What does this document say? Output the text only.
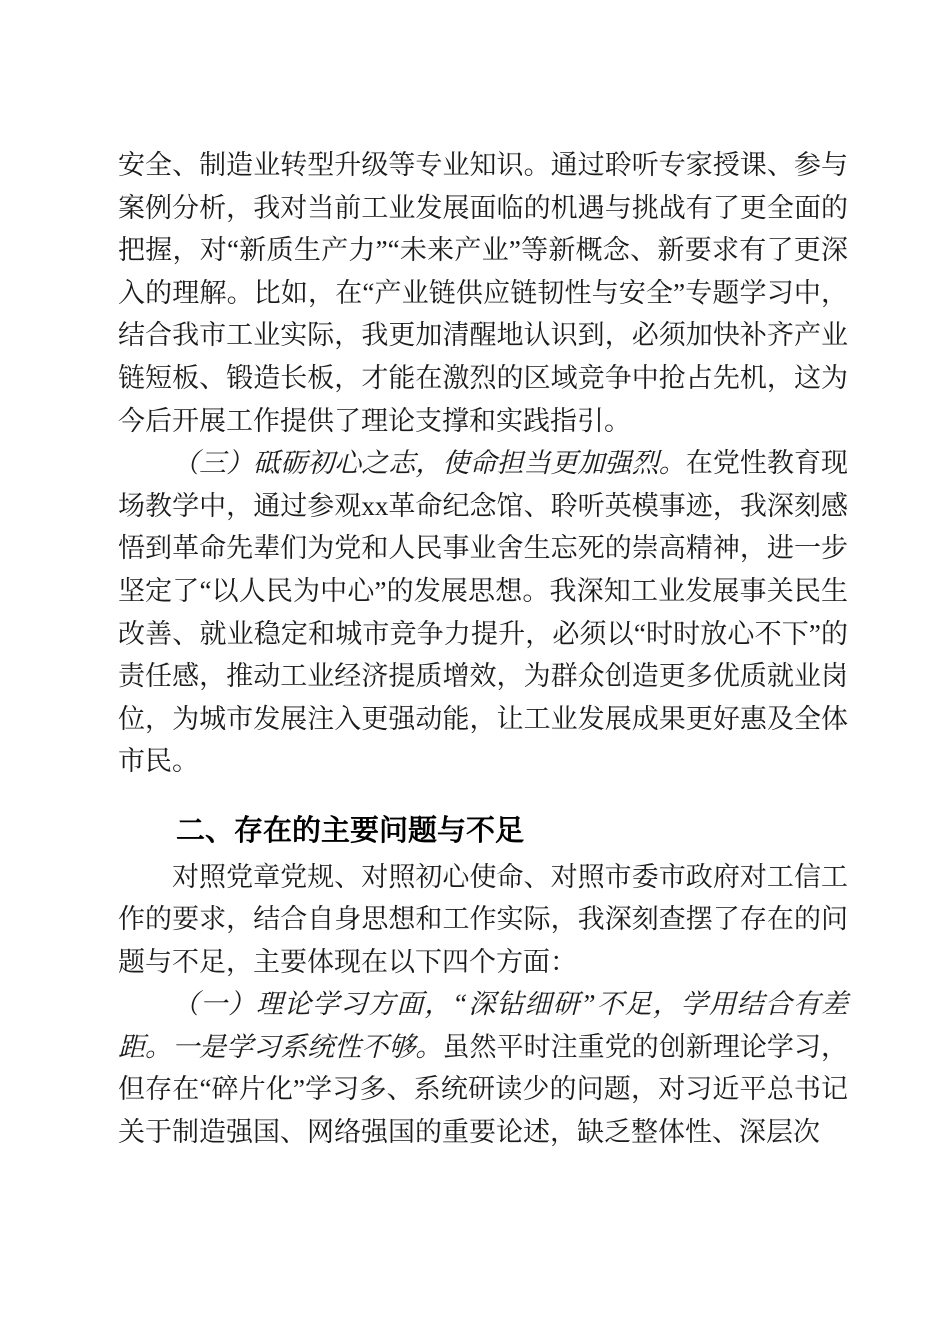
安全、制造业转型升级等专业知识。通过聆听专家授课、参与案例分析，我对当前工业发展面临的机遇与挑战有了更全面的把握，对“新质生产力”“未来产业”等新概念、新要求有了更深入的理解。比如，在“产业链供应链韧性与安全”专题学习中，结合我市工业实际，我更加清醒地认识到，必须加快补齐产业链短板、锻造长板，才能在激烈的区域竞争中抢占先机，这为今后开展工作提供了理论支撑和实践指引。

（三）砥砺初心之志，使命担当更加强烈。在党性教育现场教学中，通过参观xx革命纪念馆、聆听英模事迹，我深刻感悟到革命先辈们为党和人民事业舍生忘死的崇高精神，进一步坚定了“以人民为中心”的发展思想。我深知工业发展事关民生改善、就业稳定和城市竞争力提升，必须以“时时放心不下”的责任感，推动工业经济提质增效，为群众创造更多优质就业岗位，为城市发展注入更强动能，让工业发展成果更好惠及全体市民。

二、存在的主要问题与不足

对照党章党规、对照初心使命、对照市委市政府对工信工作的要求，结合自身思想和工作实际，我深刻查摆了存在的问题与不足，主要体现在以下四个方面：

（一）理论学习方面，“深钻细研”不足，学用结合有差距。一是学习系统性不够。虽然平时注重党的创新理论学习，但存在“碎片化”学习多、系统研读少的问题，对习近平总书记关于制造强国、网络强国的重要论述，缺乏整体性、深层次
